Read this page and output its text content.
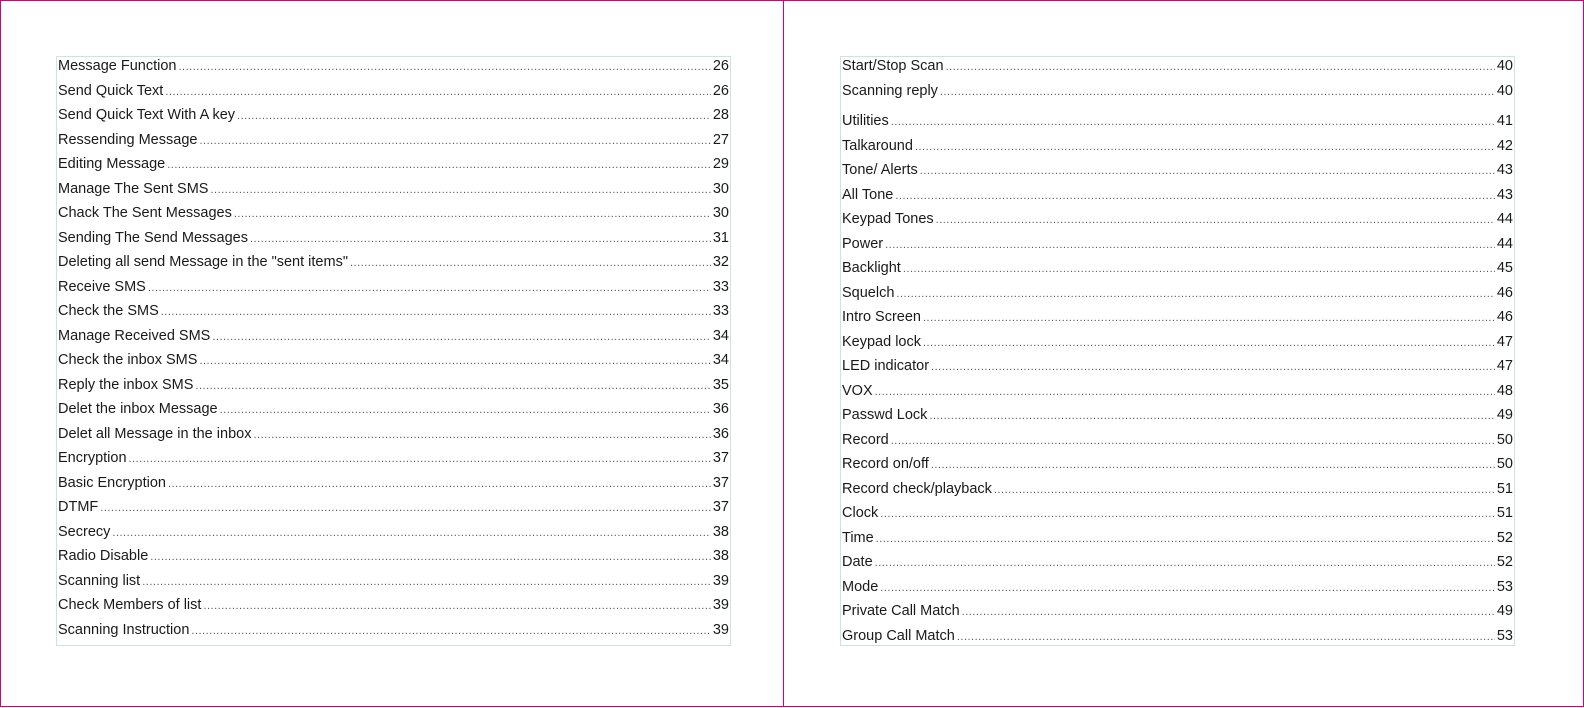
Message Function .....	26
Send Quick Text .....	26
Send Quick Text With A key .....	28
Ressending Message .....	27
Editing Message .....	29
Manage The Sent SMS .....	30
Chack The Sent Messages .....	30
Sending The Send Messages .....	31
Deleting all send Message in the "sent items" .....	32
Receive SMS .....	33
Check the SMS .....	33
Manage Received SMS .....	34
Check the inbox SMS .....	34
Reply the inbox SMS .....	35
Delet the inbox Message .....	36
Delet all Message in the inbox .....	36
Encryption .....	37
Basic Encryption .....	37
DTMF .....	37
Secrecy .....	38
Radio Disable .....	38
Scanning list .....	39
Check Members of list .....	39
Scanning Instruction .....	39
Start/Stop Scan .....	40
Scanning reply .....	40
Utilities .....	41
Talkaround .....	42
Tone/ Alerts .....	43
All Tone .....	43
Keypad Tones .....	44
Power .....	44
Backlight .....	45
Squelch .....	46
Intro Screen .....	46
Keypad lock .....	47
LED indicator .....	47
VOX .....	48
Passwd Lock .....	49
Record .....	50
Record on/off .....	50
Record check/playback .....	51
Clock .....	51
Time .....	52
Date .....	52
Mode .....	53
Private Call Match .....	49
Group Call Match .....	53
